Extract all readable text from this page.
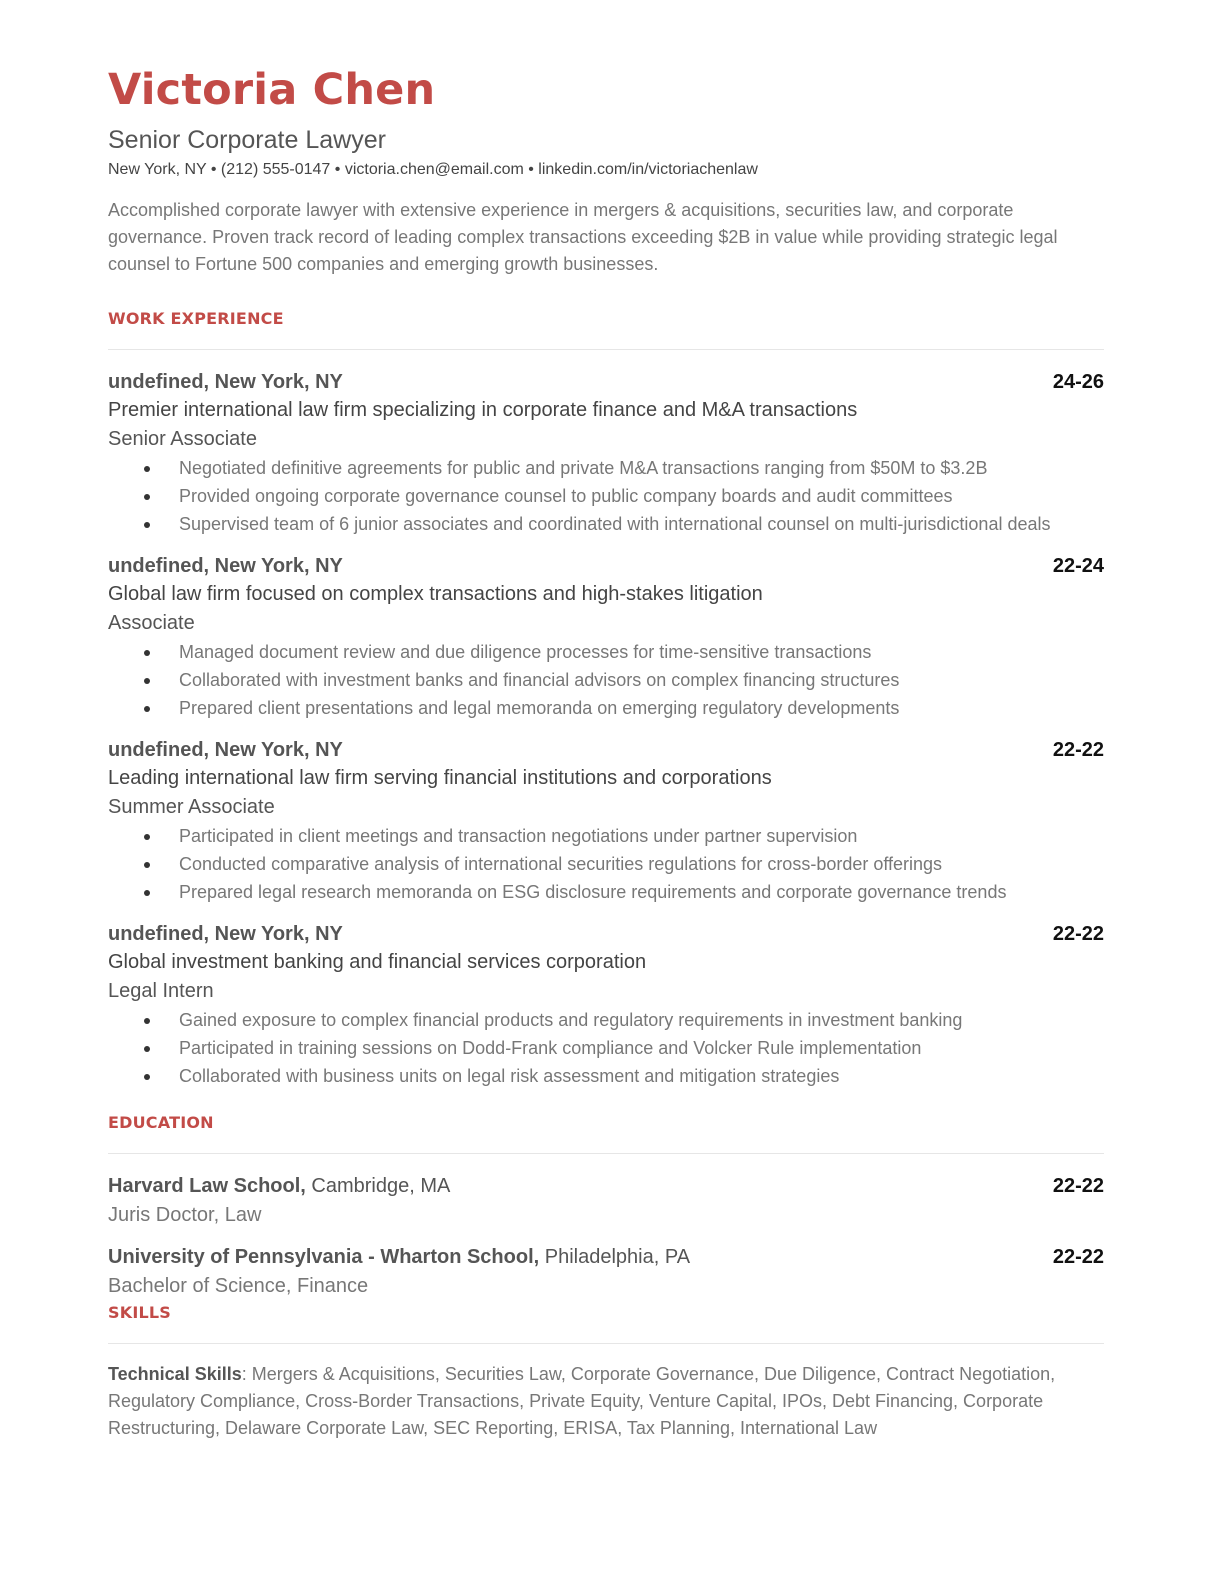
Victoria Chen
Senior Corporate Lawyer
New York, NY • (212) 555-0147 • victoria.chen@email.com • linkedin.com/in/victoriachenlaw
Accomplished corporate lawyer with extensive experience in mergers & acquisitions, securities law, and corporate governance. Proven track record of leading complex transactions exceeding $2B in value while providing strategic legal counsel to Fortune 500 companies and emerging growth businesses.
WORK EXPERIENCE
undefined, New York, NY	24-26
Premier international law firm specializing in corporate finance and M&A transactions
Senior Associate
Negotiated definitive agreements for public and private M&A transactions ranging from $50M to $3.2B
Provided ongoing corporate governance counsel to public company boards and audit committees
Supervised team of 6 junior associates and coordinated with international counsel on multi-jurisdictional deals
undefined, New York, NY	22-24
Global law firm focused on complex transactions and high-stakes litigation
Associate
Managed document review and due diligence processes for time-sensitive transactions
Collaborated with investment banks and financial advisors on complex financing structures
Prepared client presentations and legal memoranda on emerging regulatory developments
undefined, New York, NY	22-22
Leading international law firm serving financial institutions and corporations
Summer Associate
Participated in client meetings and transaction negotiations under partner supervision
Conducted comparative analysis of international securities regulations for cross-border offerings
Prepared legal research memoranda on ESG disclosure requirements and corporate governance trends
undefined, New York, NY	22-22
Global investment banking and financial services corporation
Legal Intern
Gained exposure to complex financial products and regulatory requirements in investment banking
Participated in training sessions on Dodd-Frank compliance and Volcker Rule implementation
Collaborated with business units on legal risk assessment and mitigation strategies
EDUCATION
Harvard Law School, Cambridge, MA	22-22
Juris Doctor, Law
University of Pennsylvania - Wharton School, Philadelphia, PA	22-22
Bachelor of Science, Finance
SKILLS
Technical Skills: Mergers & Acquisitions, Securities Law, Corporate Governance, Due Diligence, Contract Negotiation, Regulatory Compliance, Cross-Border Transactions, Private Equity, Venture Capital, IPOs, Debt Financing, Corporate Restructuring, Delaware Corporate Law, SEC Reporting, ERISA, Tax Planning, International Law
